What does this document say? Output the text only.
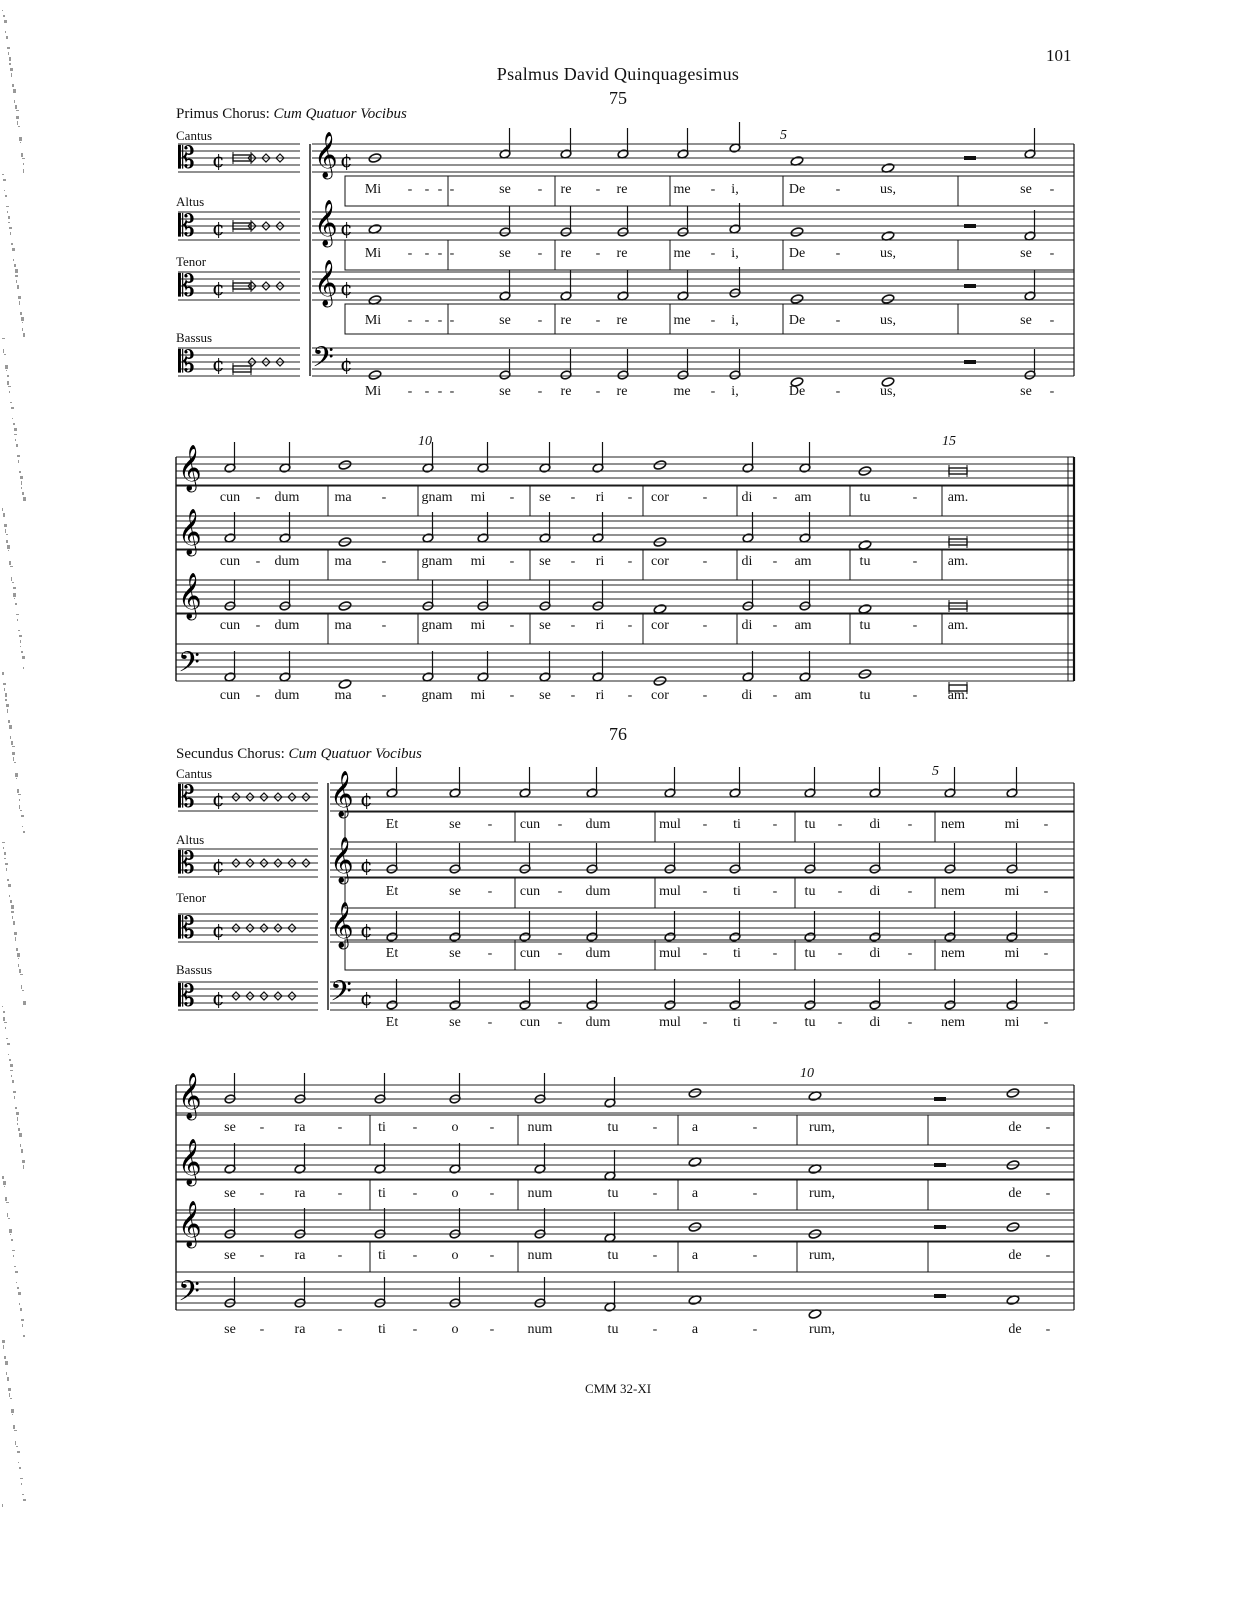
101
Psalmus David Quinquagesimus
75
Primus Chorus: Cum Quatuor Vocibus
Cantus
Altus
Tenor
Bassus
5
10	15
76
Secundus Chorus: Cum Quatuor Vocibus
Cantus
Altus
Tenor
Bassus
5
10
CMM 32-XI
𝄡 ¢ 𝄞 ¢
𝄡 ¢ 𝄞 ¢
𝄡 ¢ 𝄞 ¢
𝄡 ¢	𝄢 ¢
𝄞
𝄞
𝄞
𝄢
𝄡 ¢	𝄞 ¢
𝄡 ¢	𝄞 ¢
𝄡 ¢	𝄞 ¢
𝄡 ¢	𝄢 ¢
𝄞
𝄞
𝄞
𝄢
Mi - - - -	se - re - re	me - i,	De -	us,	se -
Mi - - - -	se - re - re	me - i,	De -	us,	se -
Mi - - - -	se - re - re	me - i,	De -	us,	se -
Mi - - - -	se - re - re	me - i,	De -	us,	se -
cun - dum	ma -	gnam mi - se - ri - cor - di - am	tu	- am.
cun - dum	ma -	gnam mi - se - ri - cor - di - am	tu	- am.
cun - dum	ma -	gnam mi - se - ri - cor - di - am	tu	- am.
cun - dum	ma -	gnam mi - se - ri - cor - di - am	tu	- am.
Et	se - cun - dum	mul - ti - tu - di - nem	mi -
Et	se - cun - dum	mul - ti - tu - di - nem	mi -
Et	se - cun - dum	mul - ti - tu - di - nem	mi -
Et	se - cun - dum	mul - ti - tu - di - nem	mi -
se - ra -	ti - o - num	tu - a	-	rum,	de -
se - ra -	ti - o - num	tu - a	-	rum,	de -
se - ra -	ti - o - num	tu - a	-	rum,	de -
se - ra -	ti - o - num	tu - a	-	rum,	de -
